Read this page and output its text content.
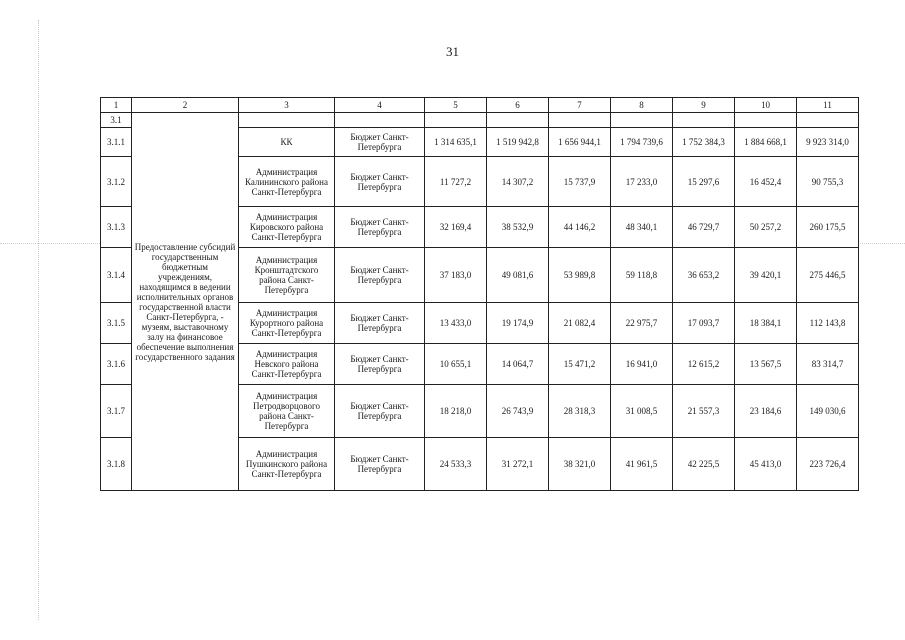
31
1	2	3	4	5	6	7	8	9	10	11
3.1	Предоставление субсидий государственным бюджетным учреждениям, находящимся в ведении исполнительных органов государственной власти Санкт-Петербурга, - музеям, выставочному залу на финансовое обеспечение выполнения государственного задания									
3.1.1		КК	Бюджет Санкт-Петербурга	1 314 635,1	1 519 942,8	1 656 944,1	1 794 739,6	1 752 384,3	1 884 668,1	9 923 314,0
3.1.2		Администрация Калининского района Санкт-Петербурга	Бюджет Санкт-Петербурга	11 727,2	14 307,2	15 737,9	17 233,0	15 297,6	16 452,4	90 755,3
3.1.3		Администрация Кировского района Санкт-Петербурга	Бюджет Санкт-Петербурга	32 169,4	38 532,9	44 146,2	48 340,1	46 729,7	50 257,2	260 175,5
3.1.4		Администрация Кронштадтского района Санкт-Петербурга	Бюджет Санкт-Петербурга	37 183,0	49 081,6	53 989,8	59 118,8	36 653,2	39 420,1	275 446,5
3.1.5		Администрация Курортного района Санкт-Петербурга	Бюджет Санкт-Петербурга	13 433,0	19 174,9	21 082,4	22 975,7	17 093,7	18 384,1	112 143,8
3.1.6		Администрация Невского района Санкт-Петербурга	Бюджет Санкт-Петербурга	10 655,1	14 064,7	15 471,2	16 941,0	12 615,2	13 567,5	83 314,7
3.1.7		Администрация Петродворцового района Санкт-Петербурга	Бюджет Санкт-Петербурга	18 218,0	26 743,9	28 318,3	31 008,5	21 557,3	23 184,6	149 030,6
3.1.8		Администрация Пушкинского района Санкт-Петербурга	Бюджет Санкт-Петербурга	24 533,3	31 272,1	38 321,0	41 961,5	42 225,5	45 413,0	223 726,4
